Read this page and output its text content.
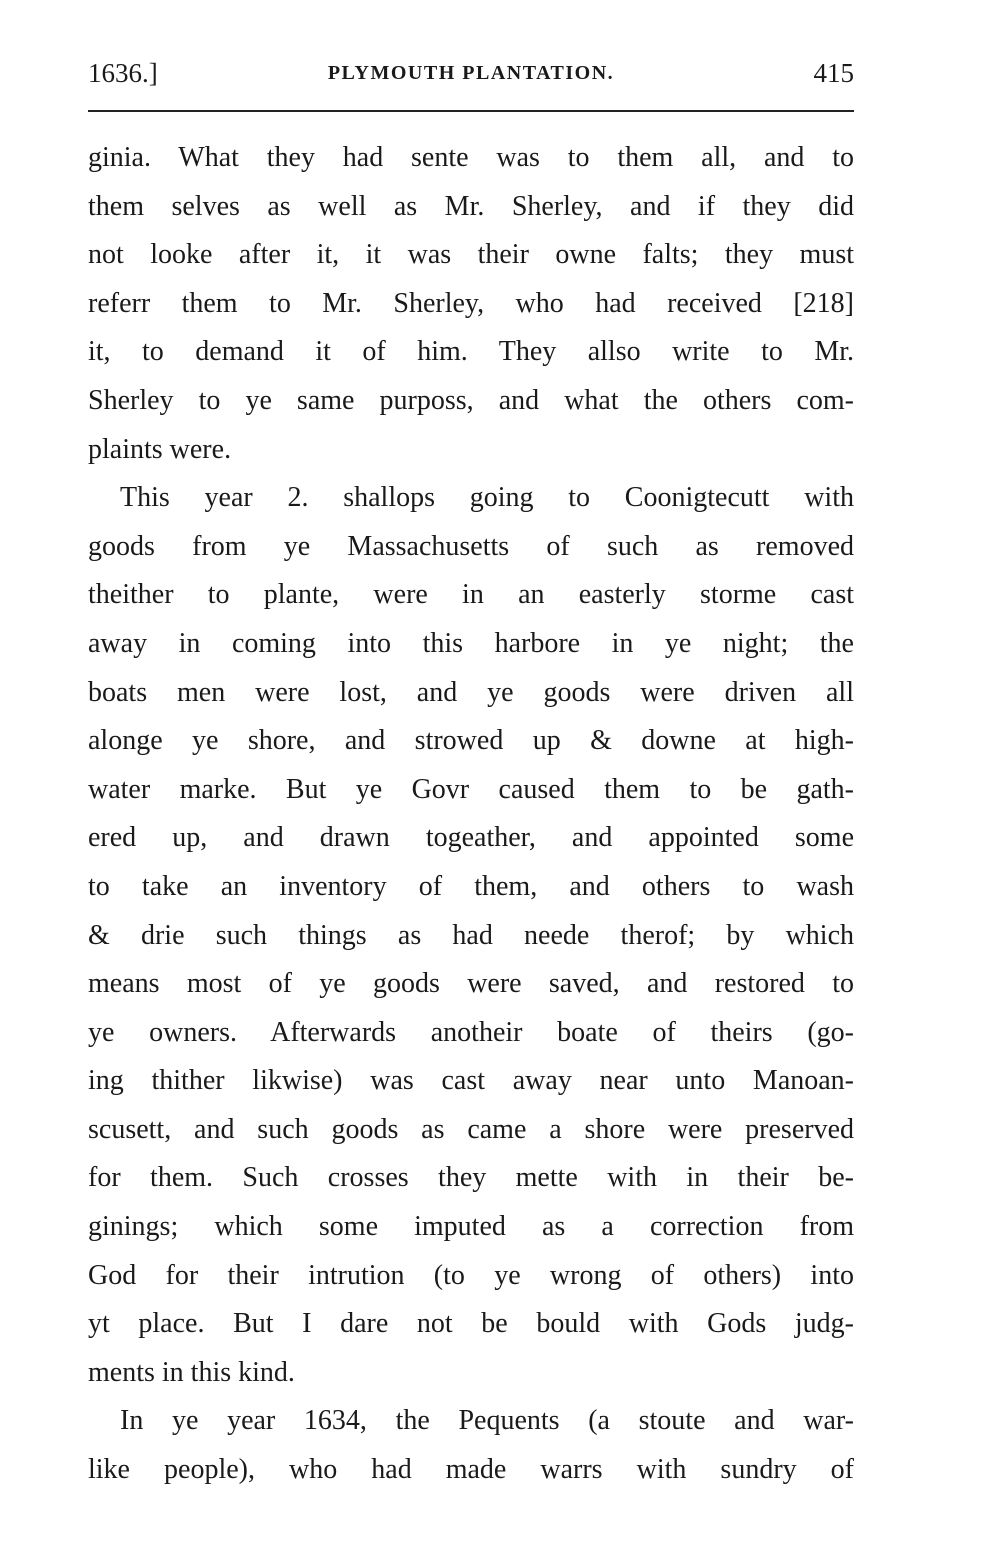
1636.]	PLYMOUTH PLANTATION.	415
ginia. What they had sente was to them all, and to
them selves as well as Mr. Sherley, and if they did
not looke after it, it was their owne falts; they must
referr them to Mr. Sherley, who had received [218]
it, to demand it of him. They allso write to Mr.
Sherley to ye same purposs, and what the others com-
plaints were.
This year 2. shallops going to Coonigtecutt with
goods from ye Massachusetts of such as removed
theither to plante, were in an easterly storme cast
away in coming into this harbore in ye night; the
boats men were lost, and ye goods were driven all
alonge ye shore, and strowed up & downe at high-
water marke. But ye Govr caused them to be gath-
ered up, and drawn togeather, and appointed some
to take an inventory of them, and others to wash
& drie such things as had neede therof; by which
means most of ye goods were saved, and restored to
ye owners. Afterwards anotheir boate of theirs (go-
ing thither likwise) was cast away near unto Manoan-
scusett, and such goods as came a shore were preserved
for them. Such crosses they mette with in their be-
ginings; which some imputed as a correction from
God for their intrution (to ye wrong of others) into
yt place. But I dare not be bould with Gods judg-
ments in this kind.
In ye year 1634, the Pequents (a stoute and war-
like people), who had made warrs with sundry of
